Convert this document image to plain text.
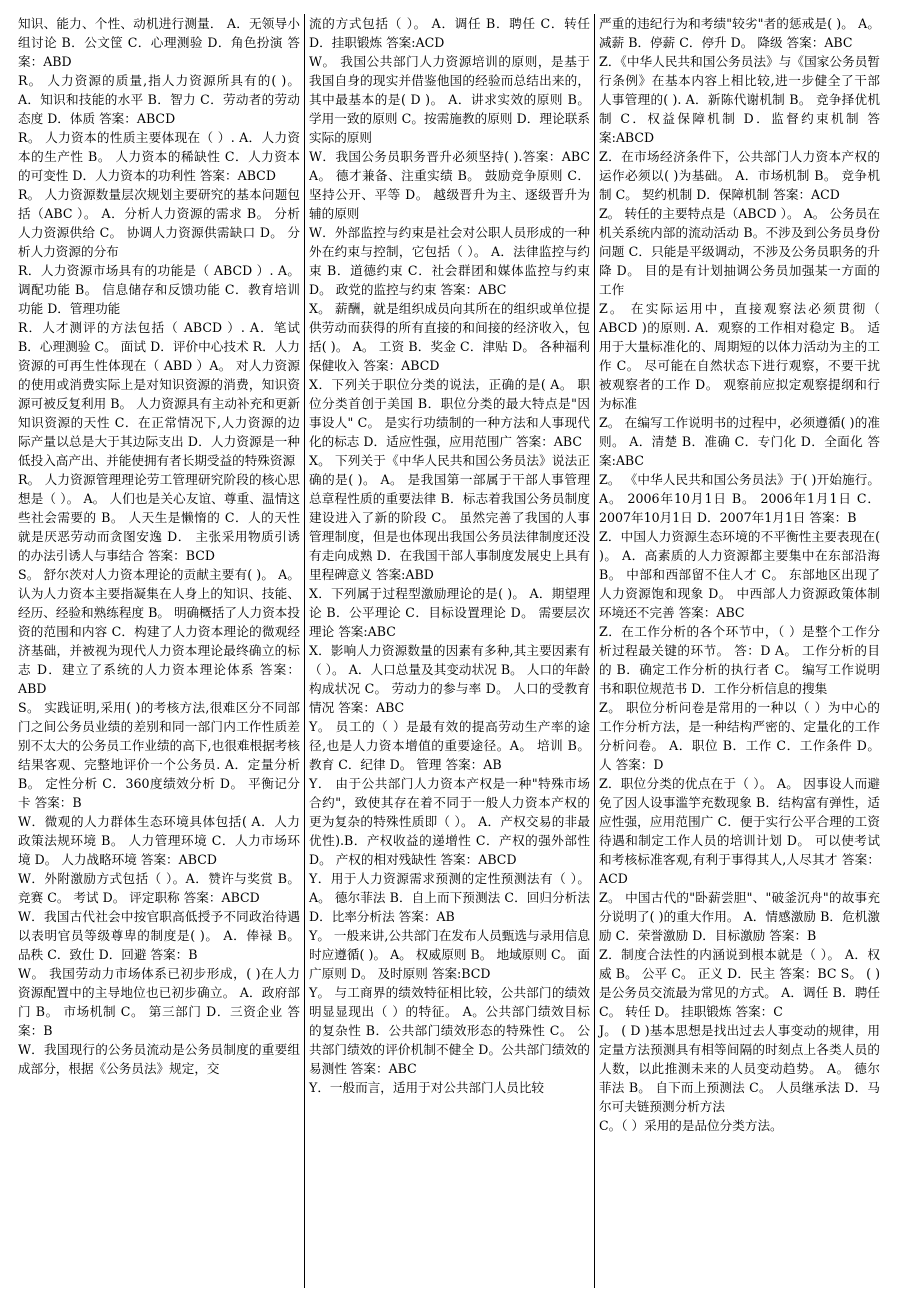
知识、能力、个性、动机进行测量． A．无领导小组讨论 B．公文筐 C．心理测验 D．角色扮演 答案：ABD

R。 人力资源的质量,指人力资源所具有的( )。 A．知识和技能的水平 B．智力 C．劳动者的劳动态度 D．体质 答案：ABCD

R。 人力资本的性质主要体现在（ ）. A．人力资本的生产性 B。 人力资本的稀缺性 C．人力资本的可变性 D．人力资本的功利性 答案：ABCD

R。 人力资源数量层次规划主要研究的基本问题包括（ABC ）。 A．分析人力资源的需求 B。 分析人力资源供给 C。 协调人力资源供需缺口 D。 分析人力资源的分布

R．人力资源市场具有的功能是（ ABCD ）. A。 调配功能 B。 信息储存和反馈功能 C．教育培训功能 D．管理功能

R．人才测评的方法包括（ ABCD ）. A．笔试 B．心理测验 C。 面试 D．评价中心技术 R．人力资源的可再生性体现在（ ABD ）A。 对人力资源的使用或消费实际上是对知识资源的消费，知识资源可被反复利用 B。 人力资源具有主动补充和更新知识资源的天性 C．在正常情况下,人力资源的边际产量以总是大于其边际支出 D．人力资源是一种低投入高产出、并能使拥有者长期受益的特殊资源

R。 人力资源管理理论劳工管理研究阶段的核心思想是（ ）。 A。 人们也是关心友谊、尊重、温情这些社会需要的 B。 人天生是懒惰的 C．人的天性就是厌恶劳动而贪图安逸 D． 主张采用物质引诱的办法引诱人与事结合 答案：BCD

S。 舒尔茨对人力资本理论的贡献主要有( )。 A。 认为人力资本主要指凝集在人身上的知识、技能、经历、经验和熟练程度 B。 明确概括了人力资本投资的范围和内容 C．构建了人力资本理论的微观经济基础，并被视为现代人力资本理论最终确立的标志 D．建立了系统的人力资本理论体系 答案：ABD

S。 实践证明,采用( )的考核方法,很难区分不同部门之间公务员业绩的差别和同一部门内工作性质差别不太大的公务员工作业绩的高下,也很难根据考核结果客观、完整地评价一个公务员. A．定量分析 B。 定性分析 C．360度绩效分析 D。 平衡记分卡 答案：B

W．微观的人力群体生态环境具体包括( A．人力政策法规环境 B。 人力管理环境 C．人力市场环境 D。 人力战略环境 答案：ABCD

W．外附激励方式包括（ ）。A．赞许与奖赏 B。 竞赛 C。 考试 D。 评定职称 答案：ABCD

W．我国古代社会中按官职高低授予不同政治待遇以表明官员等级尊卑的制度是( )。 A．俸禄 B。 品秩 C．致仕 D．回避 答案：B

W。 我国劳动力市场体系已初步形成，( )在人力资源配置中的主导地位也已初步确立。 A．政府部门 B。 市场机制 C。 第三部门 D．三资企业 答案：B

W．我国现行的公务员流动是公务员制度的重要组成部分，根据《公务员法》规定，交

流的方式包括（ ）。 A．调任 B．聘任 C．转任 D．挂职锻炼 答案:ACD

W。 我国公共部门人力资源培训的原则，是基于我国自身的现实并借鉴他国的经验而总结出来的，其中最基本的是( D )。 A．讲求实效的原则 B。 学用一致的原则 C。按需施教的原则 D．理论联系实际的原则

W．我国公务员职务晋升必须坚持( ).答案：ABC A。 德才兼备、注重实绩 B。 鼓励竞争原则 C．坚持公开、平等 D。 越级晋升为主、逐级晋升为辅的原则

W．外部监控与约束是社会对公职人员形成的一种外在约束与控制，它包括（ ）。 A．法律监控与约束 B．道德约束 C．社会群团和媒体监控与约束 D。 政党的监控与约束 答案：ABC

X。 薪酬，就是组织成员向其所在的组织或单位提供劳动而获得的所有直接的和间接的经济收入，包括( )。 A。 工资 B．奖金 C．津贴 D。 各种福利保健收入 答案：ABCD

X．下列关于职位分类的说法，正确的是( A。 职位分类首创于美国 B．职位分类的最大特点是"因事设人" C。 是实行功绩制的一种方法和人事现代化的标志 D．适应性强，应用范围广 答案：ABC

X。 下列关于《中华人民共和国公务员法》说法正确的是( )。 A。 是我国第一部属于干部人事管理总章程性质的重要法律 B．标志着我国公务员制度建设进入了新的阶段 C。 虽然完善了我国的人事管理制度，但是也体现出我国公务员法律制度还没有走向成熟 D．在我国干部人事制度发展史上具有里程碑意义 答案:ABD

X．下列属于过程型激励理论的是( )。 A．期望理论 B．公平理论 C．目标设置理论 D。 需要层次理论 答案:ABC

X．影响人力资源数量的因素有多种,其主要因素有（ ）。 A．人口总量及其变动状况 B。 人口的年龄构成状况 C。 劳动力的参与率 D。 人口的受教育情况 答案：ABC

Y。 员工的（ ）是最有效的提高劳动生产率的途径,也是人力资本增值的重要途径。A。 培训 B。 教育 C．纪律 D。 管理 答案：AB

Y． 由于公共部门人力资本产权是一种"特殊市场合约"，致使其存在着不同于一般人力资本产权的更为复杂的特殊性质即（ ）。 A．产权交易的非最优性).B．产权收益的递增性 C．产权的强外部性 D。 产权的相对残缺性 答案：ABCD

Y．用于人力资源需求预测的定性预测法有（ ）。 A。 德尔菲法 B．自上而下预测法 C．回归分析法 D．比率分析法 答案：AB

Y。 一般来讲,公共部门在发布人员甄选与录用信息时应遵循( )。 A。 权威原则 B。 地域原则 C。 面广原则 D。 及时原则 答案:BCD

Y。 与工商界的绩效特征相比较，公共部门的绩效明显显现出（ ）的特征。 A。公共部门绩效目标的复杂性 B．公共部门绩效形态的特殊性 C。 公共部门绩效的评价机制不健全 D。公共部门绩效的易测性 答案：ABC

Y．一般而言，适用于对公共部门人员比较

严重的违纪行为和考绩"较劣"者的惩戒是( )。 A。 减薪 B．停薪 C．停升 D。 降级 答案：ABC

Z．《中华人民共和国公务员法》与《国家公务员暂行条例》在基本内容上相比较,进一步健全了干部人事管理的( ). A．新陈代谢机制 B。 竞争择优机制 C．权益保障机制 D．监督约束机制 答案:ABCD

Z．在市场经济条件下，公共部门人力资本产权的运作必须以( )为基础。 A．市场机制 B。 竞争机制 C。 契约机制 D．保障机制 答案：ACD

Z。 转任的主要特点是（ABCD ）。 A。 公务员在机关系统内部的流动活动 B。不涉及到公务员身份问题 C．只能是平级调动，不涉及公务员职务的升降 D。 目的是有计划抽调公务员加强某一方面的工作

Z。 在实际运用中，直接观察法必须贯彻（ ABCD )的原则. A．观察的工作相对稳定 B。 适用于大量标准化的、周期短的以体力活动为主的工作 C。 尽可能在自然状态下进行观察，不要干扰被观察者的工作 D。 观察前应拟定观察提纲和行为标准

Z。 在编写工作说明书的过程中，必须遵循( )的准则。 A．清楚 B．准确 C．专门化 D．全面化 答案:ABC

Z。 《中华人民共和国公务员法》于( )开始施行。 A。 2006年10月1日 B。 2006年1月1日 C．2007年10月1日 D．2007年1月1日 答案：B

Z．中国人力资源生态环境的不平衡性主要表现在( )。 A．高素质的人力资源都主要集中在东部沿海 B。 中部和西部留不住人才 C。 东部地区出现了人力资源饱和现象 D。 中西部人力资源政策体制环境还不完善 答案：ABC

Z．在工作分析的各个环节中，（ ）是整个工作分析过程最关键的环节。 答：D A。 工作分析的目的 B．确定工作分析的执行者 C。 编写工作说明书和职位规范书 D．工作分析信息的搜集

Z。 职位分析问卷是常用的一种以（ ）为中心的工作分析方法，是一种结构严密的、定量化的工作分析问卷。 A．职位 B．工作 C．工作条件 D。 人 答案：D

Z．职位分类的优点在于（ ）。 A。 因事设人而避免了因人设事滥竽充数现象 B．结构富有弹性，适应性强，应用范围广 C．便于实行公平合理的工资待遇和制定工作人员的培训计划 D。 可以使考试和考核标准客观,有利于事得其人,人尽其才 答案：ACD

Z。 中国古代的"卧薪尝胆"、"破釜沉舟"的故事充分说明了( )的重大作用。 A．情感激励 B．危机激励 C．荣誉激励 D．目标激励 答案：B

Z．制度合法性的内涵说到根本就是（ ）。 A．权威 B。 公平 C。 正义 D．民主 答案：BC S。 ( )是公务员交流最为常见的方式。 A．调任 B．聘任 C。 转任 D。 挂职锻炼 答案：C

J。 ( D )基本思想是找出过去人事变动的规律，用定量方法预测具有相等间隔的时刻点上各类人员的人数，以此推测未来的人员变动趋势。 A。 德尔菲法 B。 自下而上预测法 C。 人员继承法 D．马尔可夫链预测分析方法

C。（ ）采用的是品位分类方法。
